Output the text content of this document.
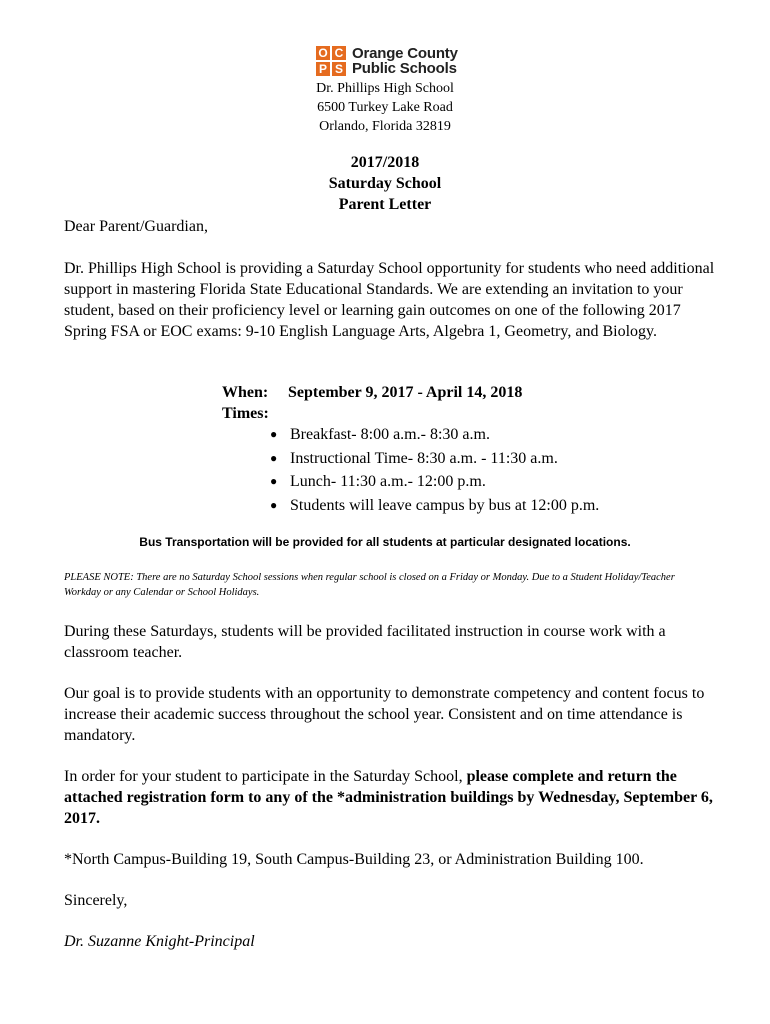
O C
P S
Orange County
Public Schools
Dr. Phillips High School
6500 Turkey Lake Road
Orlando, Florida 32819
2017/2018
Saturday School
Parent Letter
Dear Parent/Guardian,
Dr. Phillips High School is providing a Saturday School opportunity for students who need additional support in mastering Florida State Educational Standards. We are extending an invitation to your student, based on their proficiency level or learning gain outcomes on one of the following 2017 Spring FSA or EOC exams: 9-10 English Language Arts, Algebra 1, Geometry, and Biology.
When: September 9, 2017 - April 14, 2018
Times:
● Breakfast- 8:00 a.m.- 8:30 a.m.
● Instructional Time- 8:30 a.m. - 11:30 a.m.
● Lunch- 11:30 a.m.- 12:00 p.m.
● Students will leave campus by bus at 12:00 p.m.
Bus Transportation will be provided for all students at particular designated locations.
PLEASE NOTE: There are no Saturday School sessions when regular school is closed on a Friday or Monday. Due to a Student Holiday/Teacher Workday or any Calendar or School Holidays.
During these Saturdays, students will be provided facilitated instruction in course work with a classroom teacher.
Our goal is to provide students with an opportunity to demonstrate competency and content focus to increase their academic success throughout the school year. Consistent and on time attendance is mandatory.
In order for your student to participate in the Saturday School, please complete and return the attached registration form to any of the *administration buildings by Wednesday, September 6, 2017.
*North Campus-Building 19, South Campus-Building 23, or Administration Building 100.
Sincerely,
Dr. Suzanne Knight-Principal
